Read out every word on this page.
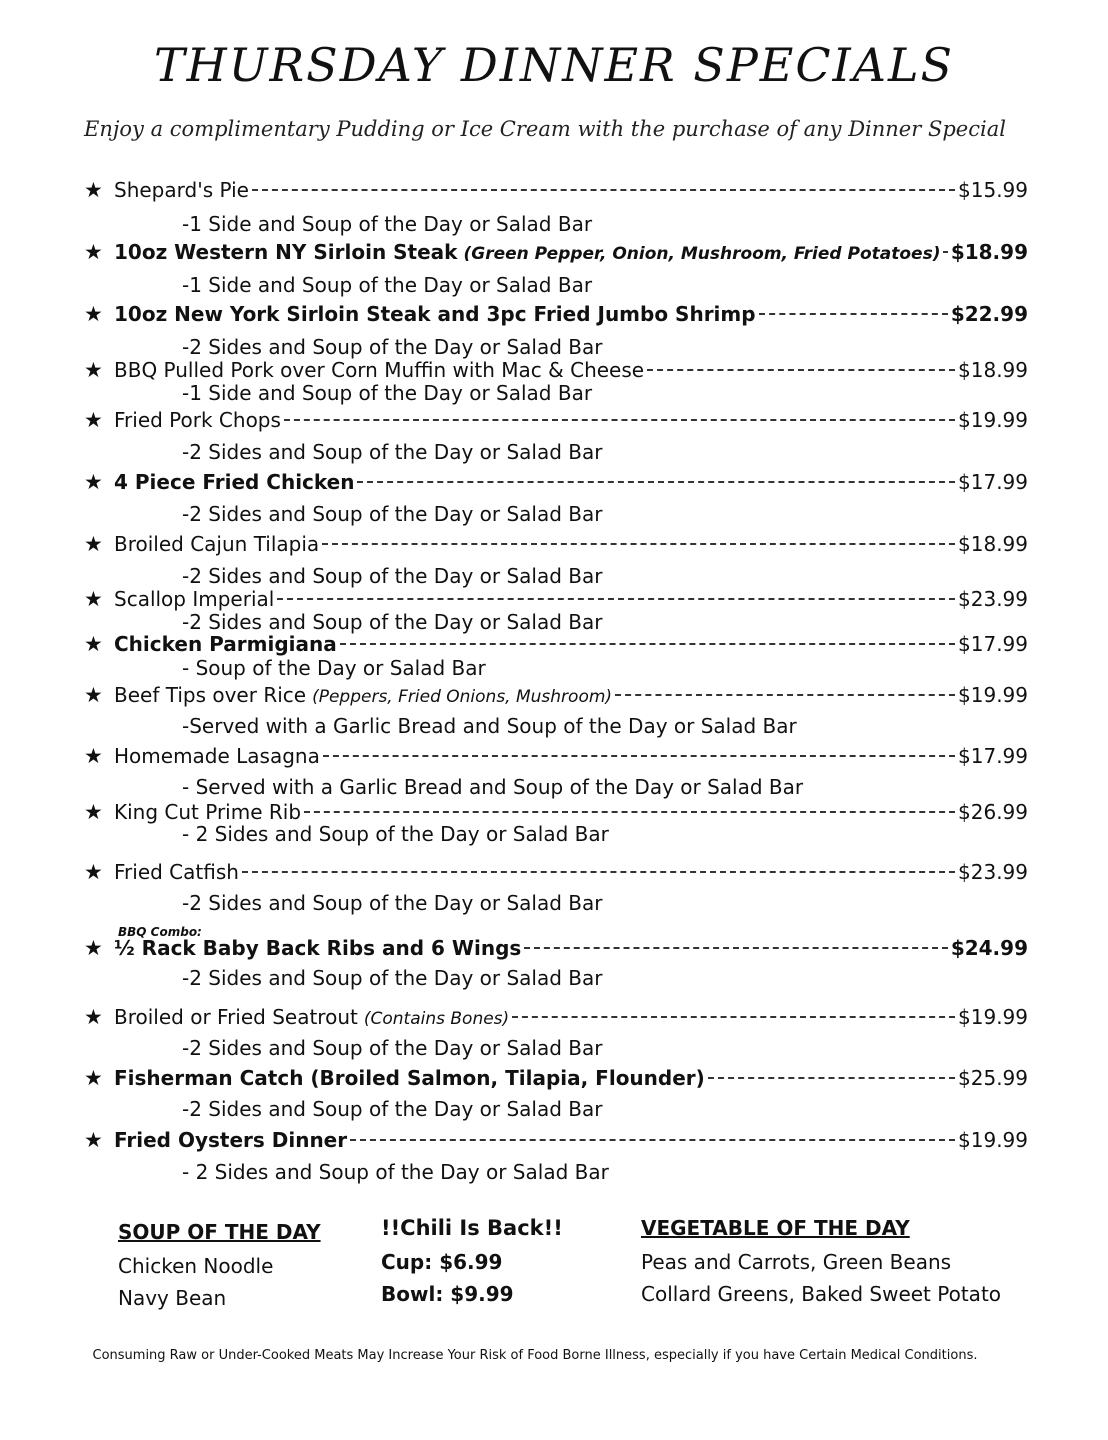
THURSDAY DINNER SPECIALS
Enjoy a complimentary Pudding or Ice Cream with the purchase of any Dinner Special
★ Shepard's Pie	$15.99
-1 Side and Soup of the Day or Salad Bar
★ 10oz Western NY Sirloin Steak (Green Pepper, Onion, Mushroom, Fried Potatoes) $18.99
-1 Side and Soup of the Day or Salad Bar
★ 10oz New York Sirloin Steak and 3pc Fried Jumbo Shrimp	$22.99
-2 Sides and Soup of the Day or Salad Bar
★ BBQ Pulled Pork over Corn Muffin with Mac & Cheese	$18.99
-1 Side and Soup of the Day or Salad Bar
★ Fried Pork Chops	$19.99
-2 Sides and Soup of the Day or Salad Bar
★ 4 Piece Fried Chicken	$17.99
-2 Sides and Soup of the Day or Salad Bar
★ Broiled Cajun Tilapia	$18.99
-2 Sides and Soup of the Day or Salad Bar
★ Scallop Imperial	$23.99
-2 Sides and Soup of the Day or Salad Bar
★ Chicken Parmigiana	$17.99
- Soup of the Day or Salad Bar
★ Beef Tips over Rice (Peppers, Fried Onions, Mushroom)	$19.99
-Served with a Garlic Bread and Soup of the Day or Salad Bar
★ Homemade Lasagna	$17.99
- Served with a Garlic Bread and Soup of the Day or Salad Bar
★ King Cut Prime Rib	$26.99
- 2 Sides and Soup of the Day or Salad Bar
★ Fried Catfish	$23.99
-2 Sides and Soup of the Day or Salad Bar
BBQ Combo:
★ ½ Rack Baby Back Ribs and 6 Wings	$24.99
-2 Sides and Soup of the Day or Salad Bar
★ Broiled or Fried Seatrout (Contains Bones)	$19.99
-2 Sides and Soup of the Day or Salad Bar
★ Fisherman Catch (Broiled Salmon, Tilapia, Flounder)	$25.99
-2 Sides and Soup of the Day or Salad Bar
★ Fried Oysters Dinner	$19.99
- 2 Sides and Soup of the Day or Salad Bar
SOUP OF THE DAY
Chicken Noodle
Navy Bean
!!Chili Is Back!!
Cup: $6.99
Bowl: $9.99
VEGETABLE OF THE DAY
Peas and Carrots, Green Beans
Collard Greens, Baked Sweet Potato
Consuming Raw or Under-Cooked Meats May Increase Your Risk of Food Borne Illness, especially if you have Certain Medical Conditions.
